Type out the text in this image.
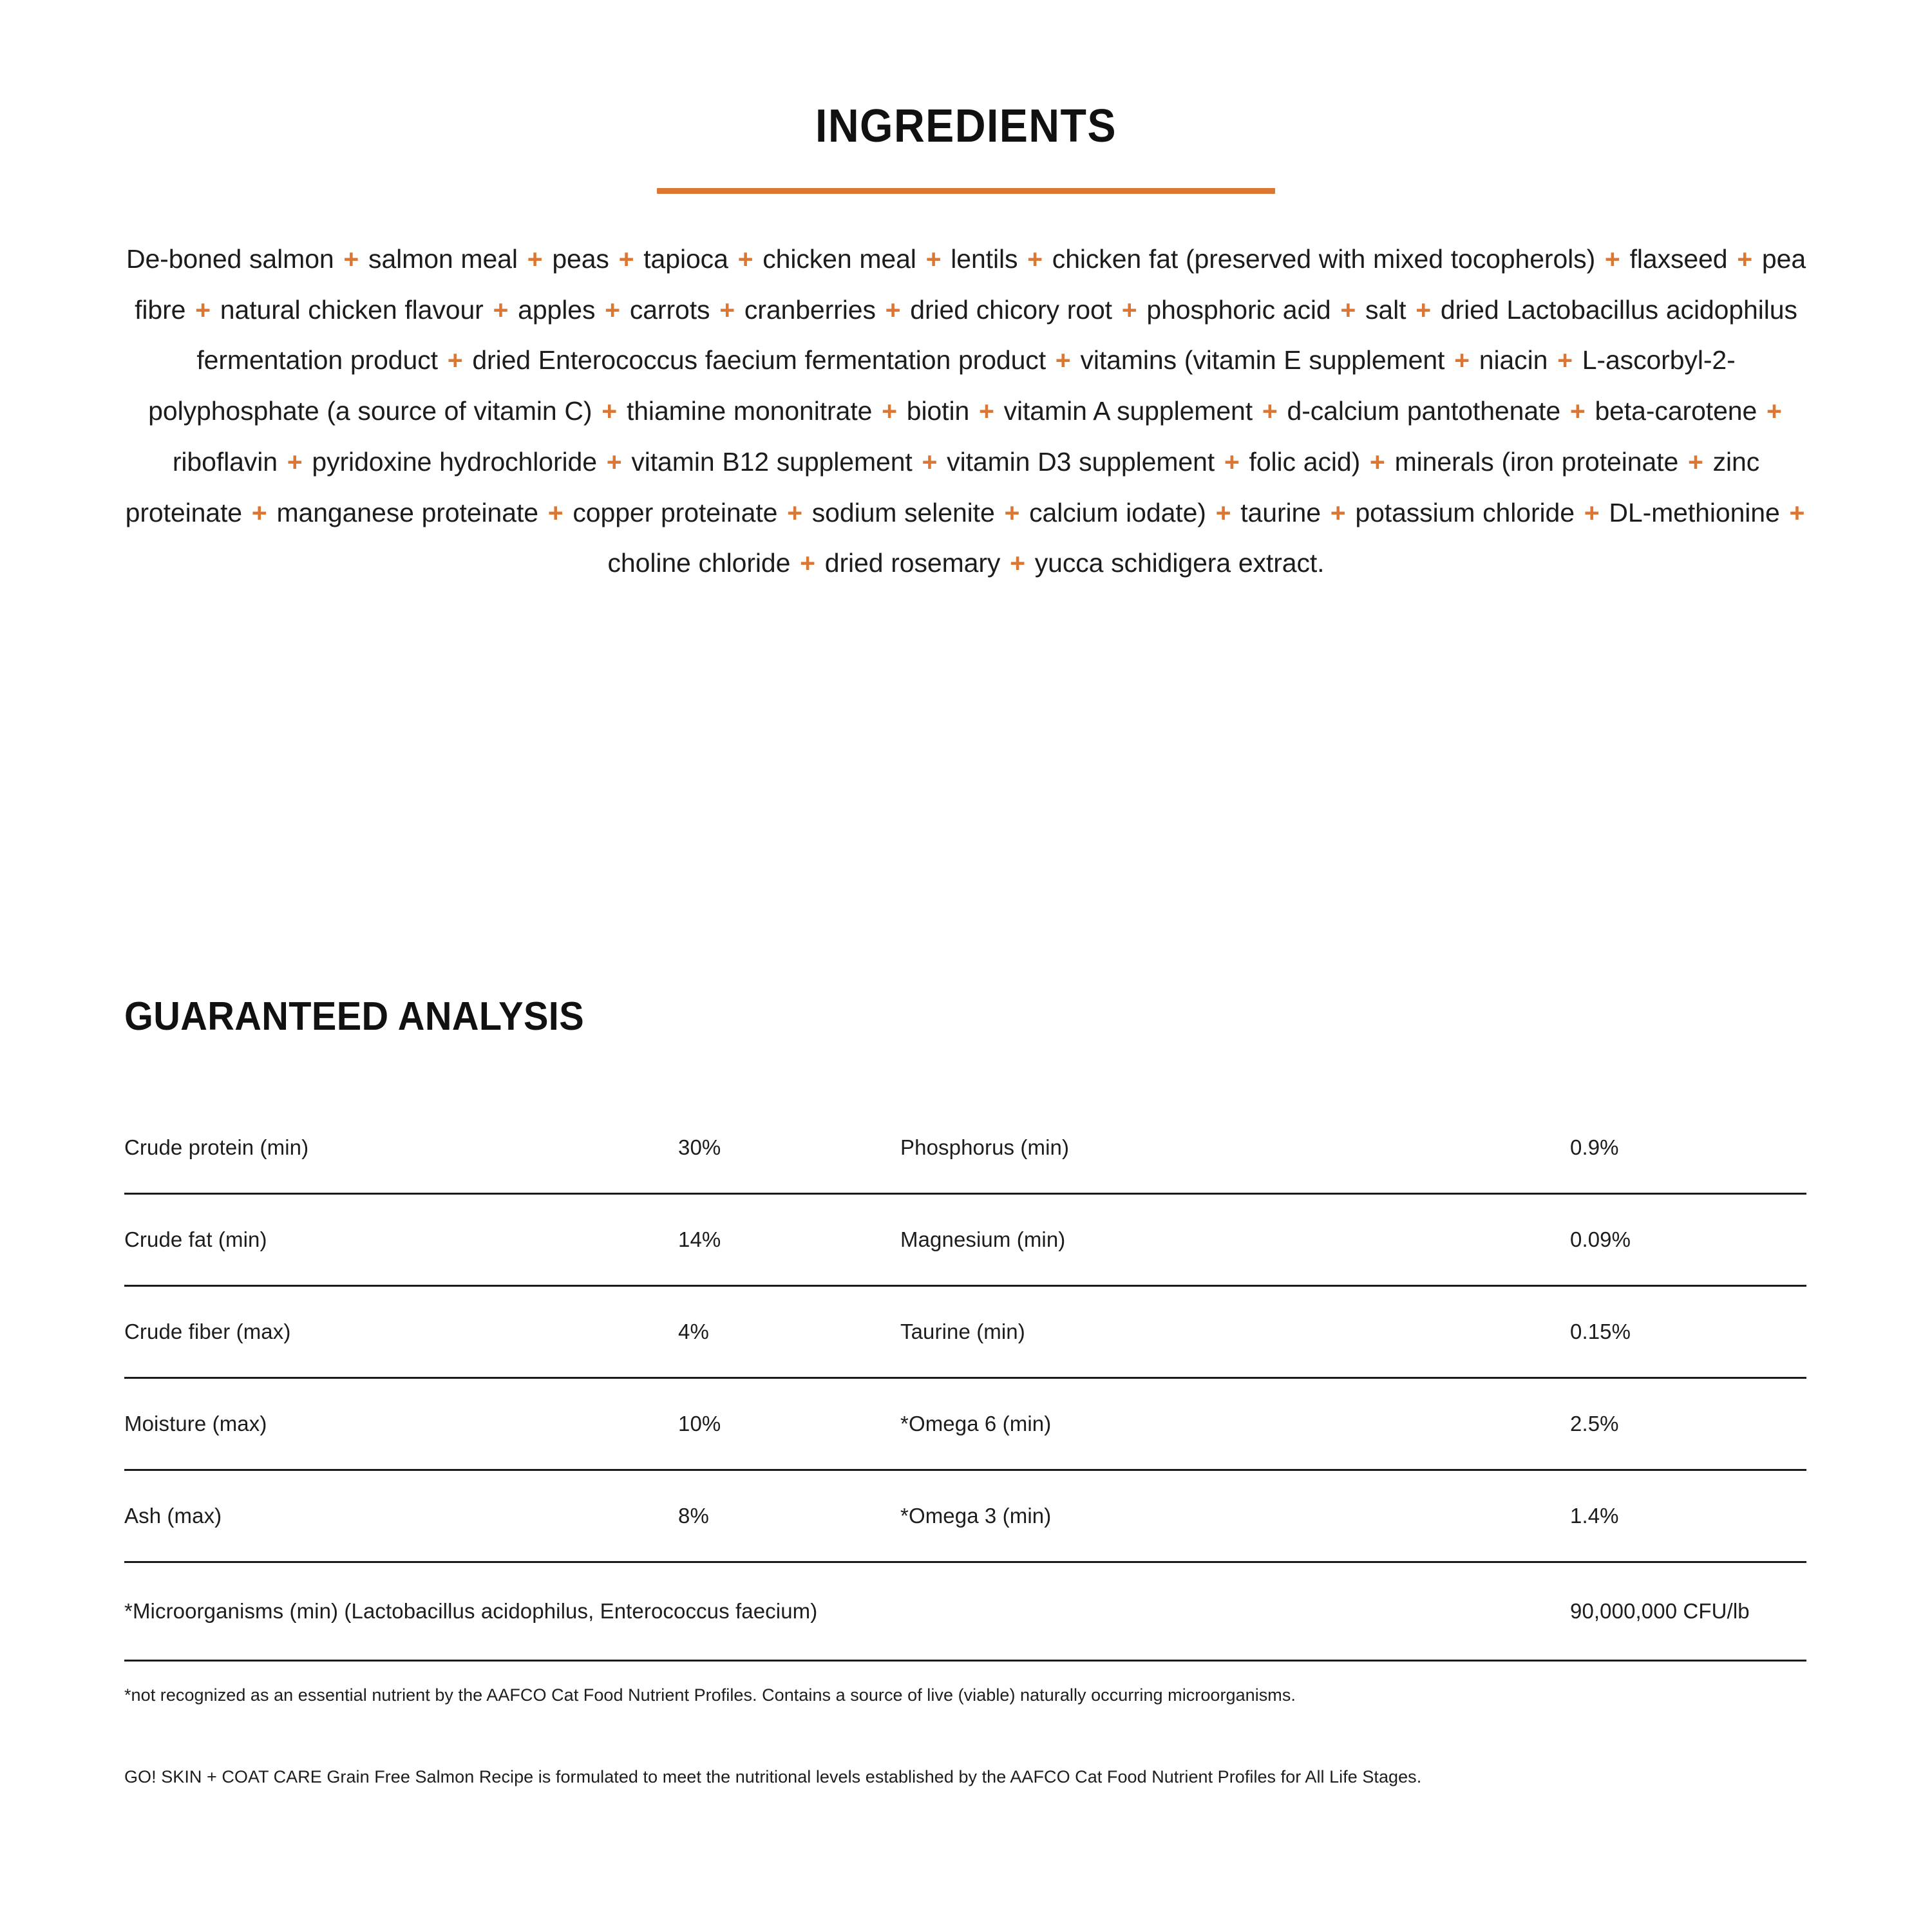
INGREDIENTS

De-boned salmon + salmon meal + peas + tapioca + chicken meal + lentils + chicken fat (preserved with mixed tocopherols) + flaxseed + pea fibre + natural chicken flavour + apples + carrots + cranberries + dried chicory root + phosphoric acid + salt + dried Lactobacillus acidophilus fermentation product + dried Enterococcus faecium fermentation product + vitamins (vitamin E supplement + niacin + L-ascorbyl-2-polyphosphate (a source of vitamin C) + thiamine mononitrate + biotin + vitamin A supplement + d-calcium pantothenate + beta-carotene + riboflavin + pyridoxine hydrochloride + vitamin B12 supplement + vitamin D3 supplement + folic acid) + minerals (iron proteinate + zinc proteinate + manganese proteinate + copper proteinate + sodium selenite + calcium iodate) + taurine + potassium chloride + DL-methionine + choline chloride + dried rosemary + yucca schidigera extract.

GUARANTEED ANALYSIS
Crude protein (min)	30%	Phosphorus (min)	0.9%
Crude fat (min)	14%	Magnesium (min)	0.09%
Crude fiber (max)	4%	Taurine (min)	0.15%
Moisture (max)	10%	*Omega 6 (min)	2.5%
Ash (max)	8%	*Omega 3 (min)	1.4%
*Microorganisms (min) (Lactobacillus acidophilus, Enterococcus faecium)			90,000,000 CFU/lb

*not recognized as an essential nutrient by the AAFCO Cat Food Nutrient Profiles. Contains a source of live (viable) naturally occurring microorganisms.

GO! SKIN + COAT CARE Grain Free Salmon Recipe is formulated to meet the nutritional levels established by the AAFCO Cat Food Nutrient Profiles for All Life Stages.
